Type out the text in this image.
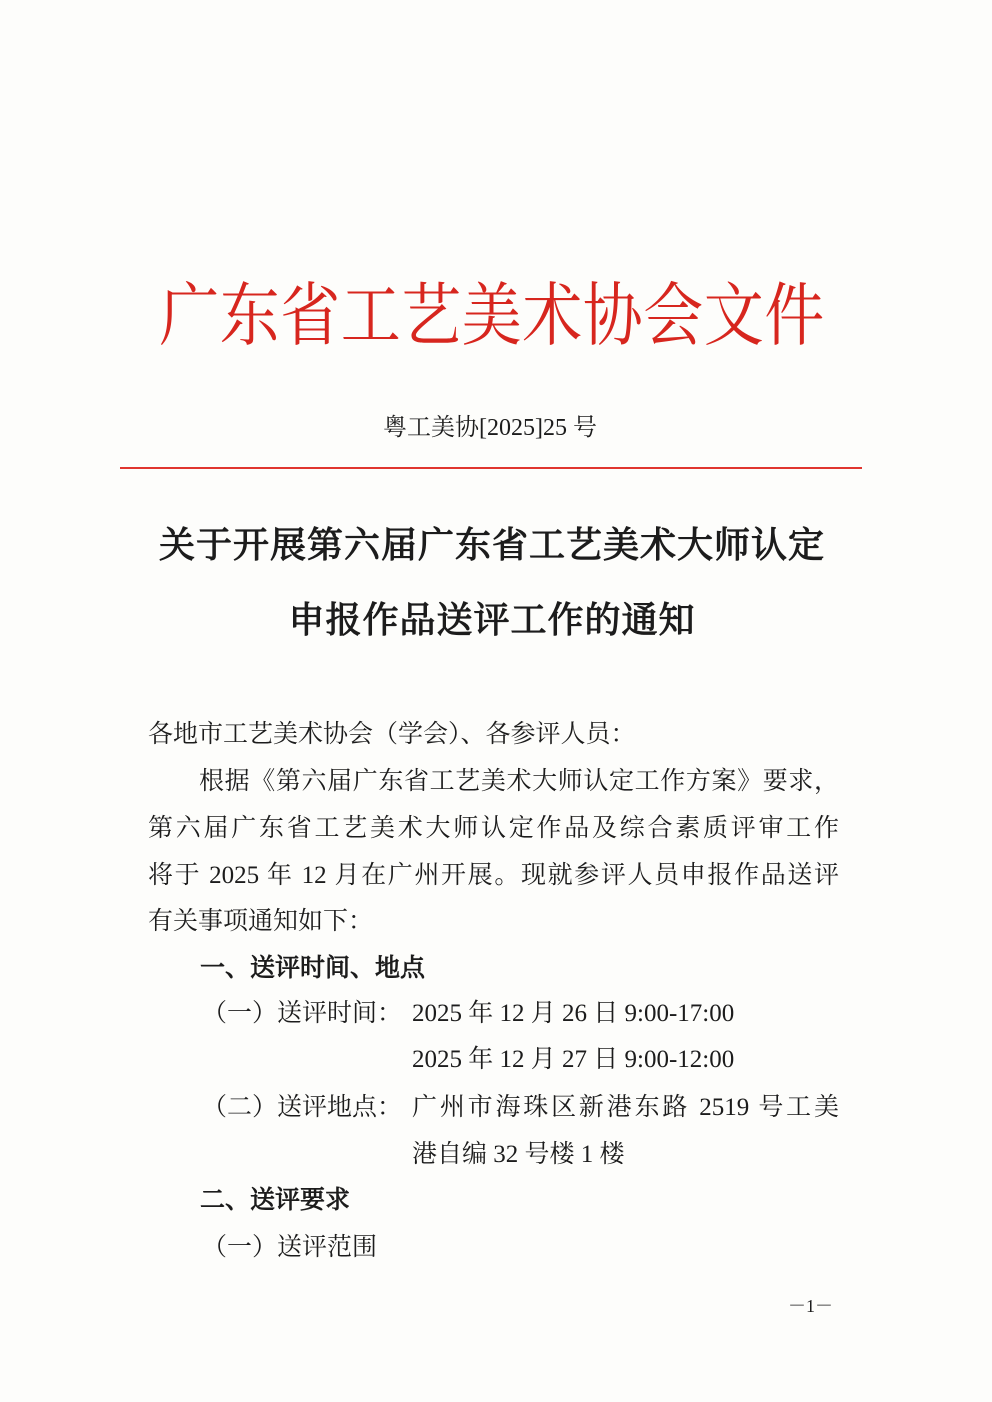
广东省工艺美术协会文件
粤工美协[2025]25 号
关于开展第六届广东省工艺美术大师认定
申报作品送评工作的通知
各地市工艺美术协会（学会）、各参评人员：
根据《第六届广东省工艺美术大师认定工作方案》要求，
第六届广东省工艺美术大师认定作品及综合素质评审工作
将于 2025 年 12 月在广州开展。现就参评人员申报作品送评
有关事项通知如下：
一、送评时间、地点
（一）送评时间： 2025 年 12 月 26 日 9:00-17:00
2025 年 12 月 27 日 9:00-12:00
（二）送评地点： 广州市海珠区新港东路 2519 号工美
港自编 32 号楼 1 楼
二、送评要求
（一）送评范围
－1－
